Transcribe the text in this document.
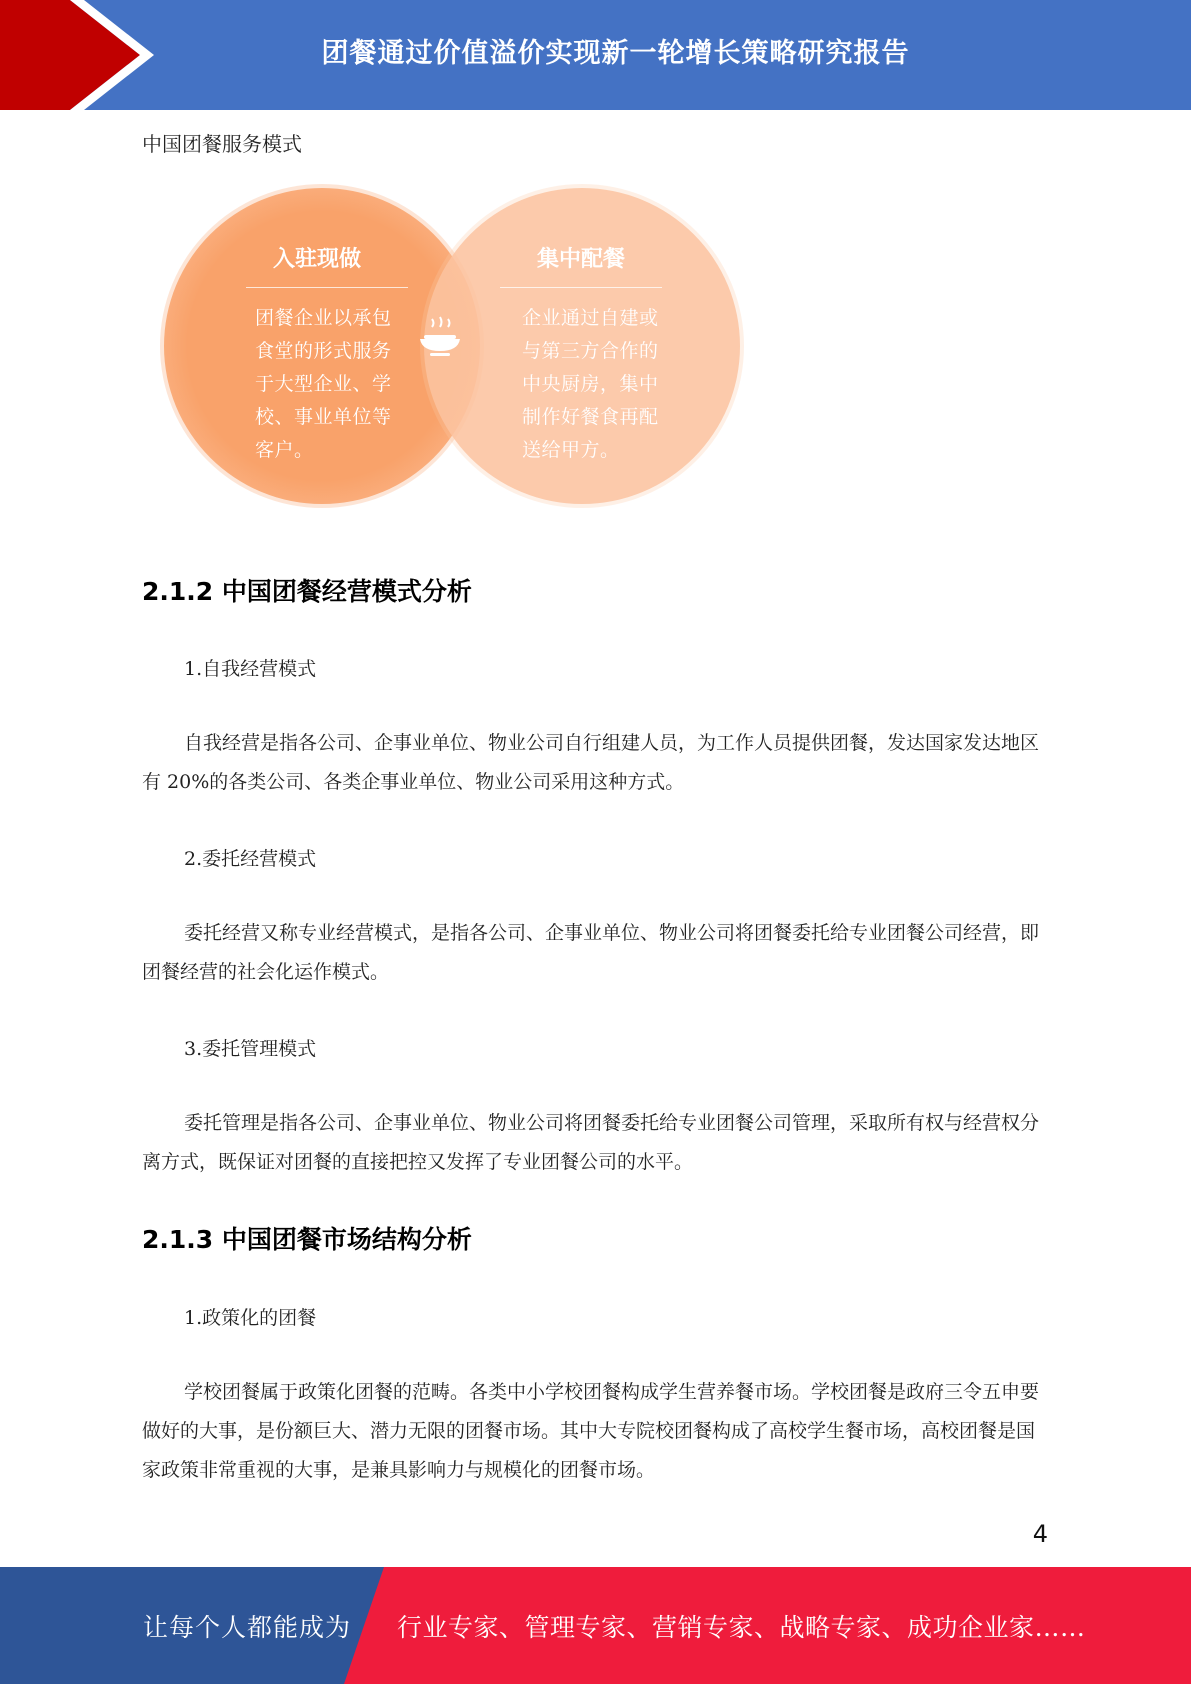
团餐通过价值溢价实现新一轮增长策略研究报告
中国团餐服务模式
入驻现做
团餐企业以承包
食堂的形式服务
于大型企业、学
校、事业单位等
客户。
集中配餐
企业通过自建或
与第三方合作的
中央厨房，集中
制作好餐食再配
送给甲方。
2.1.2 中国团餐经营模式分析
1.自我经营模式

自我经营是指各公司、企事业单位、物业公司自行组建人员，为工作人员提供团餐，发达国家发达地区有 20%的各类公司、各类企事业单位、物业公司采用这种方式。

2.委托经营模式

委托经营又称专业经营模式，是指各公司、企事业单位、物业公司将团餐委托给专业团餐公司经营，即团餐经营的社会化运作模式。

3.委托管理模式

委托管理是指各公司、企事业单位、物业公司将团餐委托给专业团餐公司管理，采取所有权与经营权分离方式，既保证对团餐的直接把控又发挥了专业团餐公司的水平。

2.1.3 中国团餐市场结构分析
1.政策化的团餐

学校团餐属于政策化团餐的范畴。各类中小学校团餐构成学生营养餐市场。学校团餐是政府三令五申要做好的大事，是份额巨大、潜力无限的团餐市场。其中大专院校团餐构成了高校学生餐市场，高校团餐是国家政策非常重视的大事，是兼具影响力与规模化的团餐市场。

4
让每个人都能成为 行业专家、管理专家、营销专家、战略专家、成功企业家……
